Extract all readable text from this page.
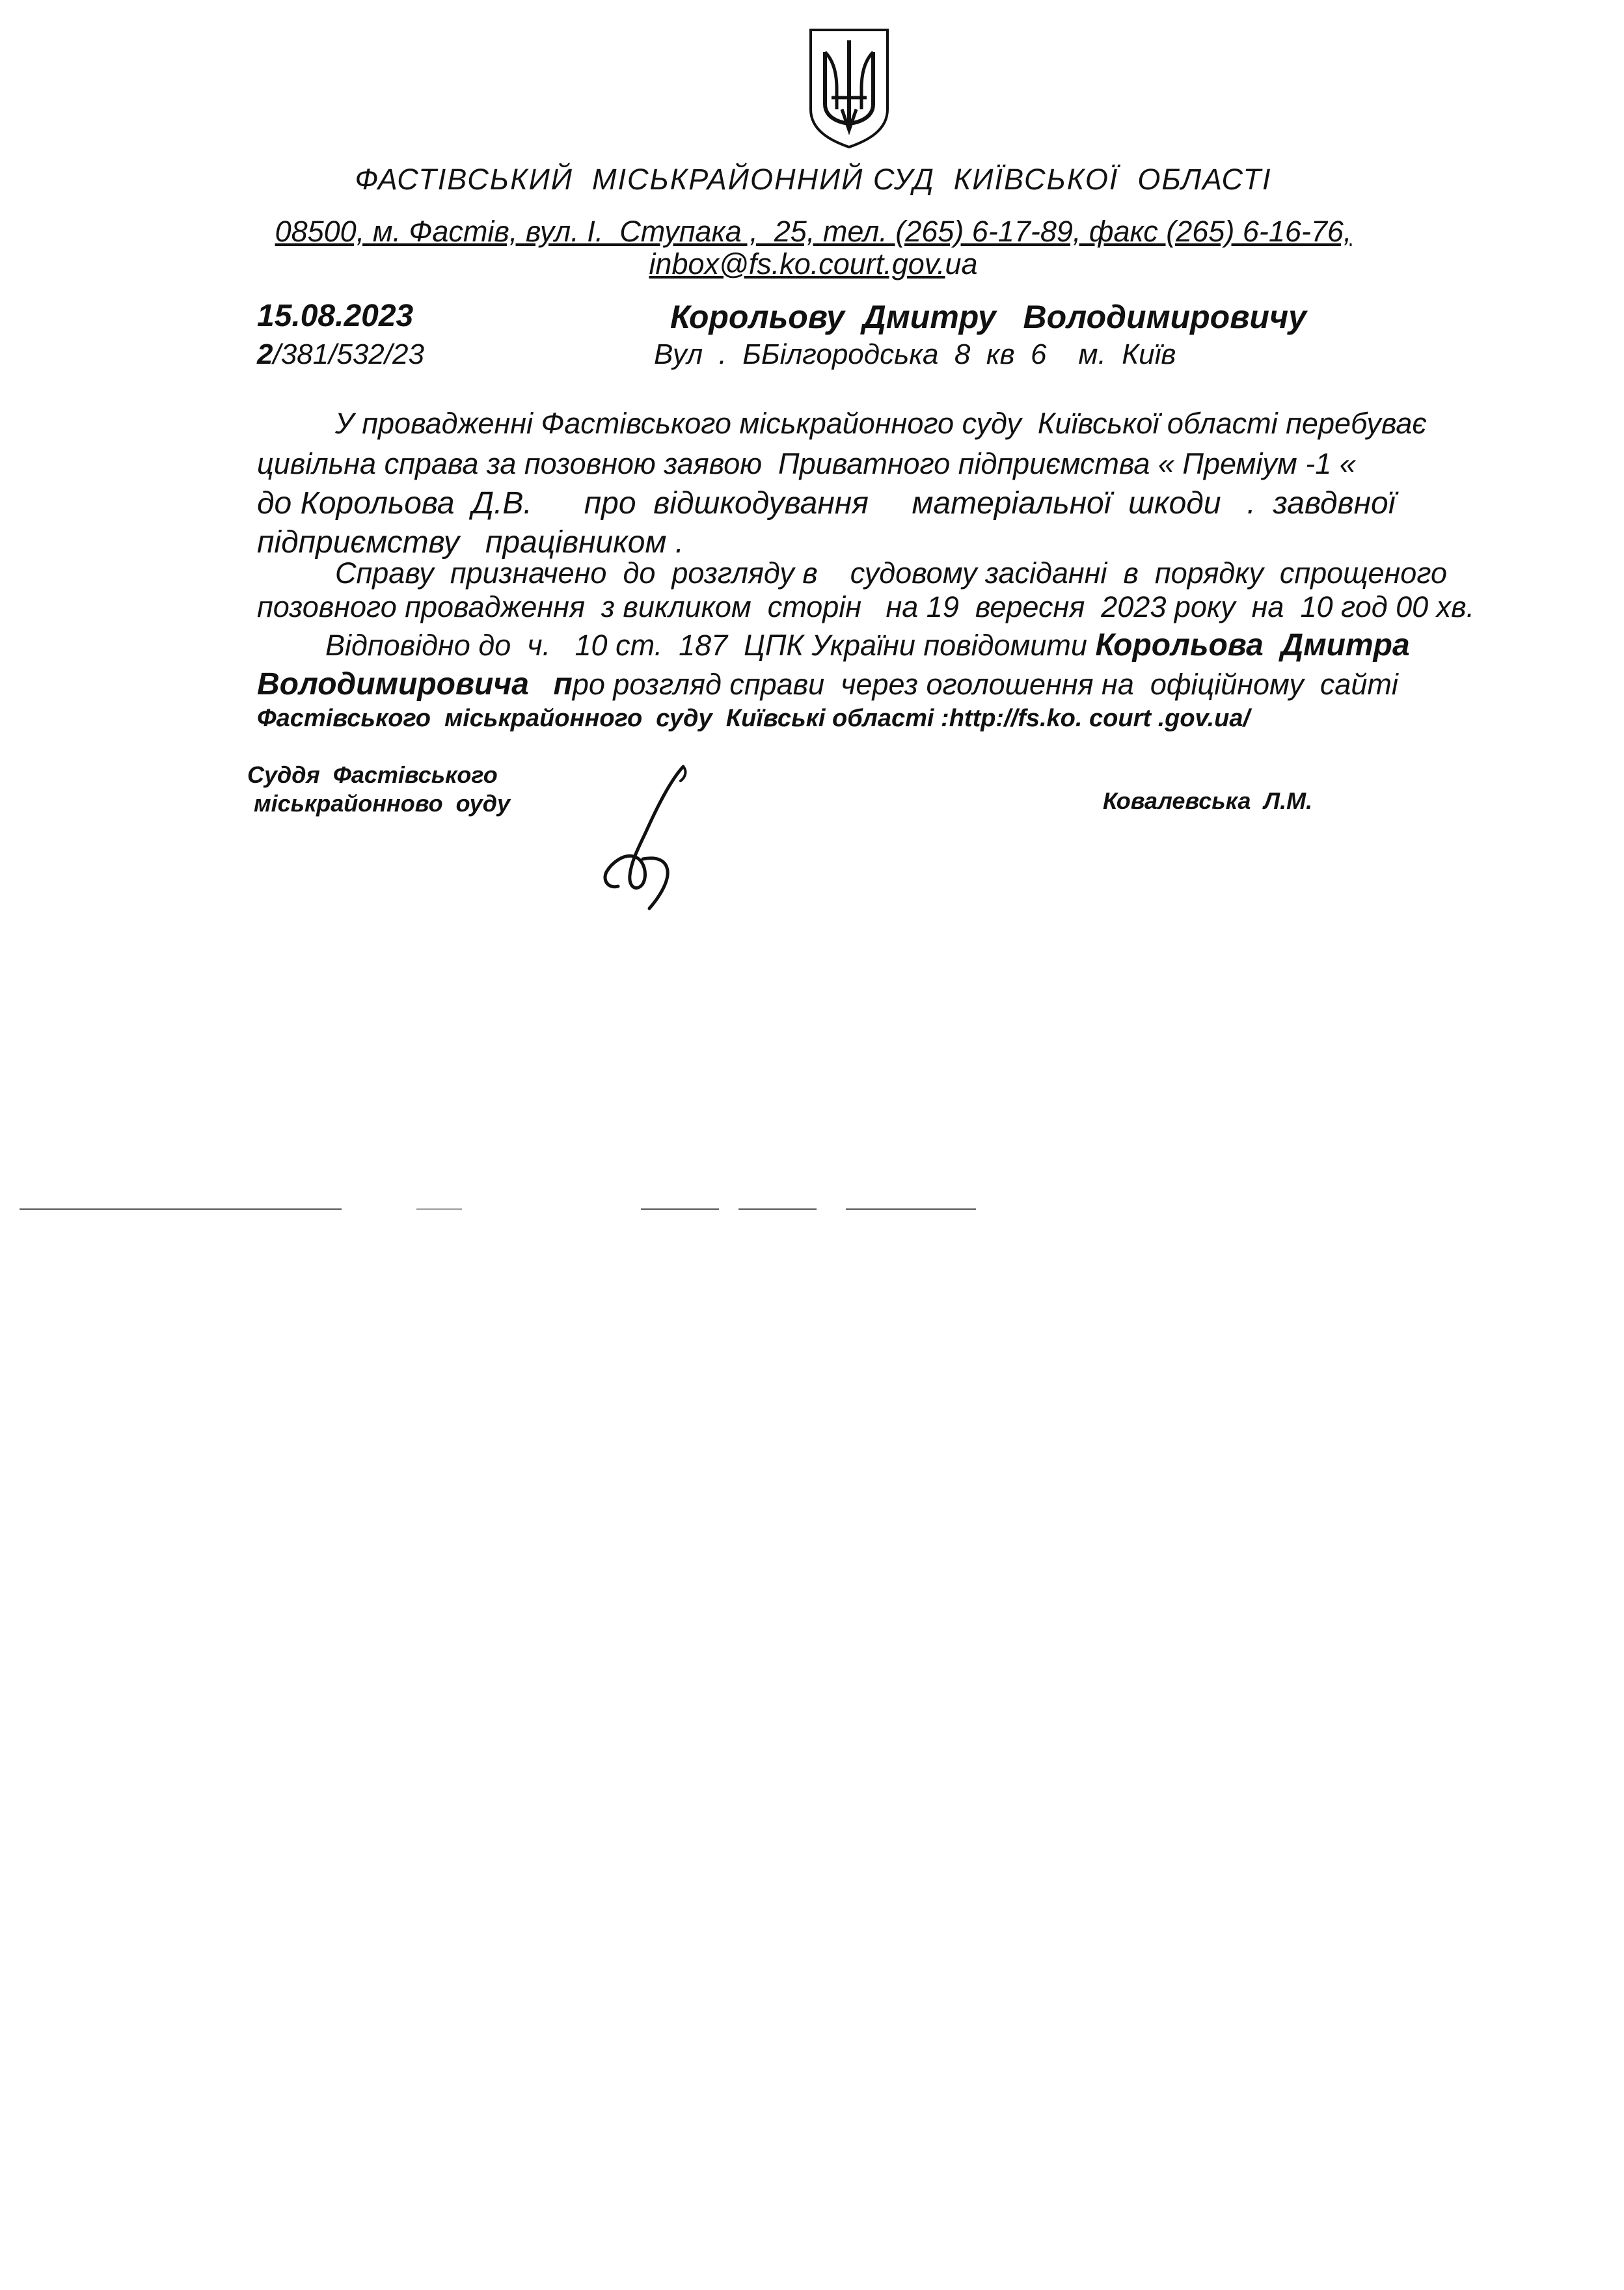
ФАСТІВСЬКИЙ  МІСЬКРАЙОННИЙ СУД  КИЇВСЬКОЇ  ОБЛАСТІ
08500, м. Фастів, вул. І.  Ступака ,  25, тел. (265) 6-17-89, факс (265) 6-16-76,
inbox@fs.ko.court.gov.ua
15.08.2023
2/381/532/23
Корольову  Дмитру   Володимировичу
Вул  .  ББілгородська  8  кв  6    м.  Київ
У провадженні Фастівського міськрайонного суду  Київської області перебуває
цивільна справа за позовною заявою  Приватного підприємства « Преміум -1 «
до Корольова  Д.В.      про  відшкодування     матеріальної  шкоди   .  завдвної
підприємству   працівником .
Справу  призначено  до  розгляду в    судовому засіданні  в  порядку  спрощеного
позовного провадження  з викликом  сторін   на 19  вересня  2023 року  на  10 год 00 хв.
Відповідно до  ч.   10 ст.  187  ЦПК України повідомити Корольова  Дмитра
Володимировича про розгляд справи  через оголошення на  офіційному  сайті
Фастівського  міськрайонного  суду  Київські області :http://fs.ko. court .gov.ua/
Суддя  Фастівського
міськрайонново  оуду	Ковалевська  Л.М.
